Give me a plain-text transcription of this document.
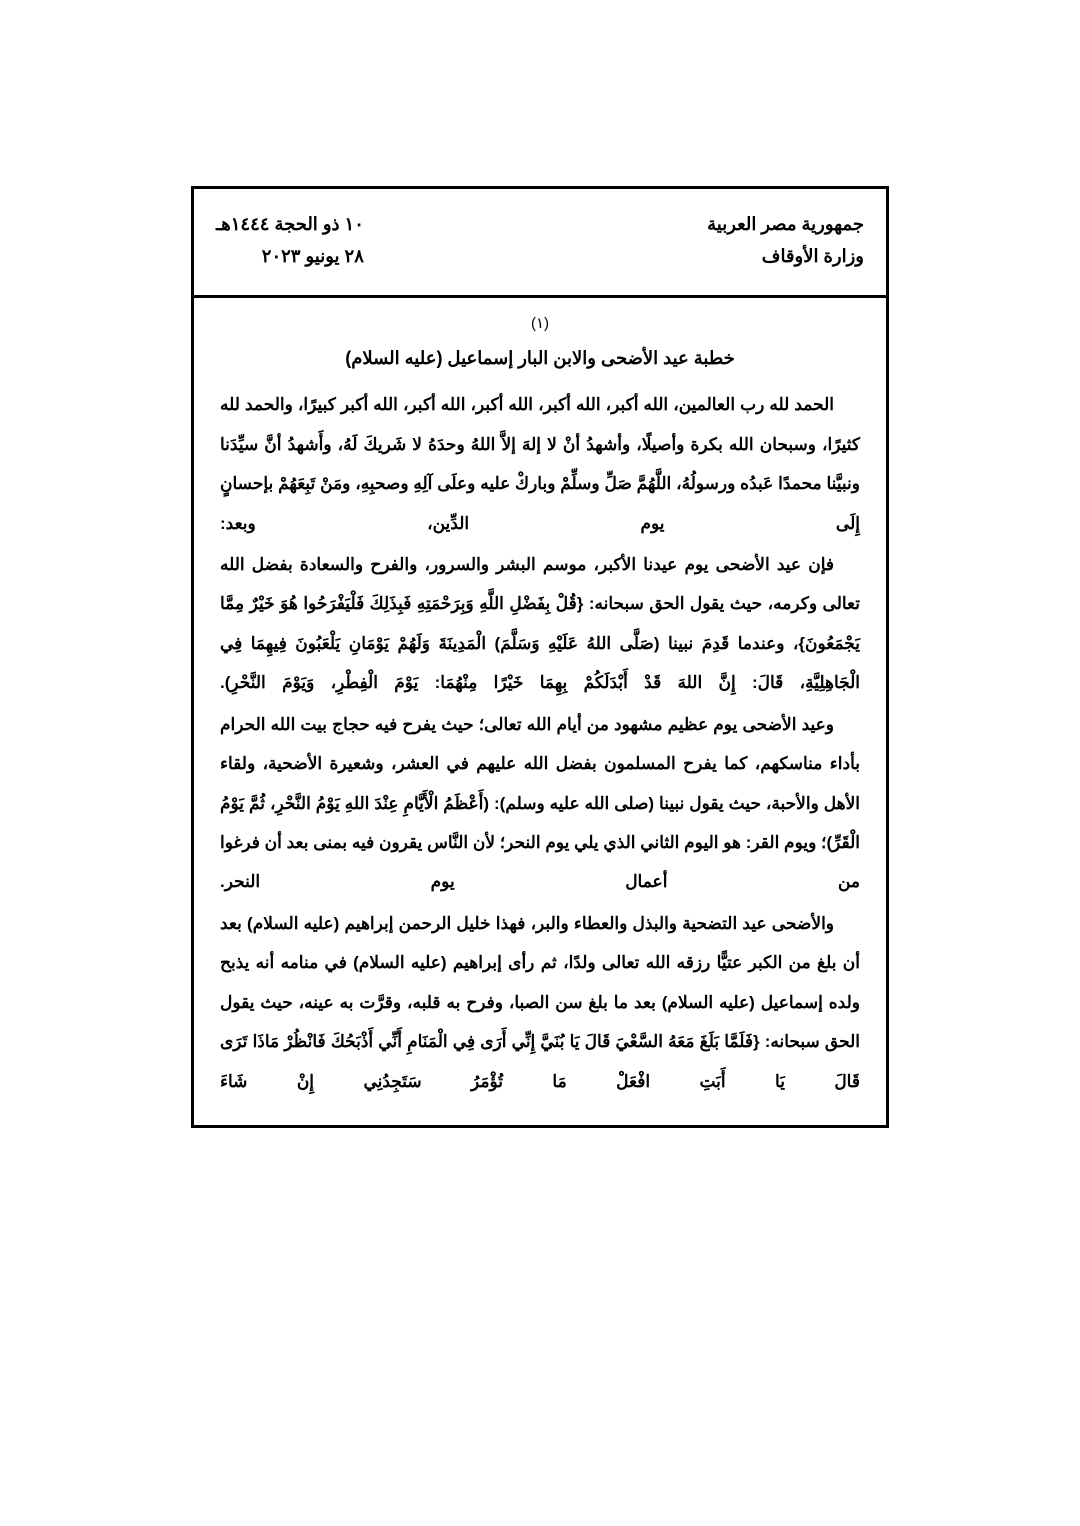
جمهورية مصر العربية
وزارة الأوقاف
١٠ ذو الحجة ١٤٤٤هـ
٢٨ يونيو ٢٠٢٣
(١)
خطبة عيد الأضحى والابن البار إسماعيل (عليه السلام)

الحمد لله رب العالمين، الله أكبر، الله أكبر، الله أكبر، الله أكبر، الله أكبر كبيرًا، والحمد لله كثيرًا، وسبحان الله بكرة وأصيلًا، وأشهدُ أنْ لا إلهَ إلاَّ اللهُ وحدَهُ لا شَريكَ لَهُ، وأَشهدُ أنَّ سيِّدَنا ونبيَّنا محمدًا عَبدُه ورسولُهُ، اللَّهُمَّ صَلِّ وسلِّمْ وباركْ عليه وعلَى آلِهِ وصحبِهِ، ومَنْ تَبِعَهُمْ بإحسانٍ إِلَى يوم الدِّين، وبعد:

فإن عيد الأضحى يوم عيدنا الأكبر، موسم البشر والسرور، والفرح والسعادة بفضل الله تعالى وكرمه، حيث يقول الحق سبحانه: {قُلْ بِفَضْلِ اللَّهِ وَبِرَحْمَتِهِ فَبِذَلِكَ فَلْيَفْرَحُوا هُوَ خَيْرٌ مِمَّا يَجْمَعُونَ}، وعندما قَدِمَ نبينا (صَلَّى اللهُ عَلَيْهِ وَسَلَّمَ) الْمَدِينَةَ وَلَهُمْ يَوْمَانِ يَلْعَبُونَ فِيهِمَا فِي الْجَاهِلِيَّةِ، قَالَ: إِنَّ اللهَ قَدْ أَبْدَلَكُمْ بِهِمَا خَيْرًا مِنْهُمَا: يَوْمَ الْفِطْرِ، وَيَوْمَ النَّحْرِ).

وعيد الأضحى يوم عظيم مشهود من أيام الله تعالى؛ حيث يفرح فيه حجاج بيت الله الحرام بأداء مناسكهم، كما يفرح المسلمون بفضل الله عليهم في العشر، وشعيرة الأضحية، ولقاء الأهل والأحبة، حيث يقول نبينا (صلى الله عليه وسلم): (أَعْظَمُ الْأَيَّامِ عِنْدَ اللهِ يَوْمُ النَّحْرِ، ثُمَّ يَوْمُ الْقَرِّ)؛ ويوم القر: هو اليوم الثاني الذي يلي يوم النحر؛ لأن النَّاس يقرون فيه بمنى بعد أن فرغوا من أعمال يوم النحر.

والأضحى عيد التضحية والبذل والعطاء والبر، فهذا خليل الرحمن إبراهيم (عليه السلام) بعد أن بلغ من الكبر عتيًّا رزقه الله تعالى ولدًا، ثم رأى إبراهيم (عليه السلام) في منامه أنه يذبح ولده إسماعيل (عليه السلام) بعد ما بلغ سن الصبا، وفرح به قلبه، وقرَّت به عينه، حيث يقول الحق سبحانه: {فَلَمَّا بَلَغَ مَعَهُ السَّعْيَ قَالَ يَا بُنَيَّ إِنِّي أَرَى فِي الْمَنَامِ أَنِّي أَذْبَحُكَ فَانْظُرْ مَاذَا تَرَى قَالَ يَا أَبَتِ افْعَلْ مَا تُؤْمَرُ سَتَجِدُنِي إِنْ شَاءَ
